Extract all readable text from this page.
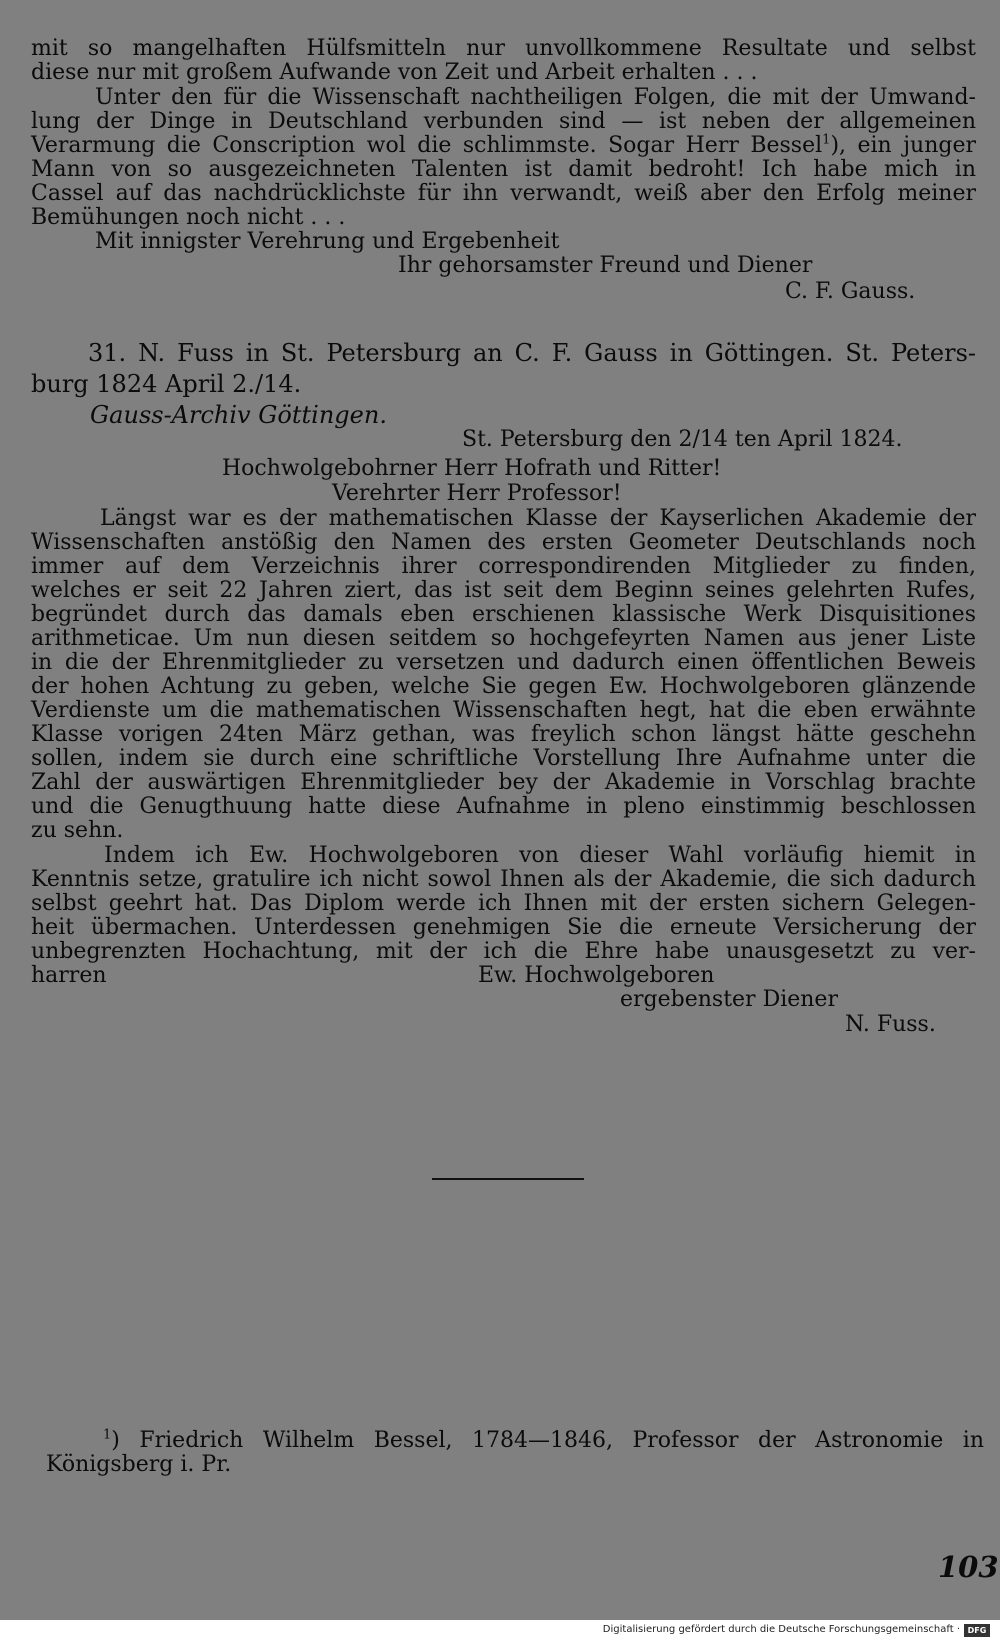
mit so mangelhaften Hülfsmitteln nur unvollkommene Resultate und selbst
diese nur mit großem Aufwande von Zeit und Arbeit erhalten . . .
Unter den für die Wissenschaft nachtheiligen Folgen, die mit der Umwand-
lung der Dinge in Deutschland verbunden sind — ist neben der allgemeinen
Verarmung die Conscription wol die schlimmste. Sogar Herr Bessel$^1$), ein junger
Mann von so ausgezeichneten Talenten ist damit bedroht! Ich habe mich in
Cassel auf das nachdrücklichste für ihn verwandt, weiß aber den Erfolg meiner
Bemühungen noch nicht . . .
Mit innigster Verehrung und Ergebenheit
Ihr gehorsamster Freund und Diener
C. F. Gauss.
31. N. Fuss in St. Petersburg an C. F. Gauss in Göttingen. St. Peters-
burg 1824 April 2./14.
Gauss-Archiv Göttingen.
St. Petersburg den 2/14 ten April 1824.
Hochwolgebohrner Herr Hofrath und Ritter!
Verehrter Herr Professor!
Längst war es der mathematischen Klasse der Kayserlichen Akademie der
Wissenschaften anstößig den Namen des ersten Geometer Deutschlands noch
immer auf dem Verzeichnis ihrer correspondirenden Mitglieder zu finden,
welches er seit 22 Jahren ziert, das ist seit dem Beginn seines gelehrten Rufes,
begründet durch das damals eben erschienen klassische Werk Disquisitiones
arithmeticae. Um nun diesen seitdem so hochgefeyrten Namen aus jener Liste
in die der Ehrenmitglieder zu versetzen und dadurch einen öffentlichen Beweis
der hohen Achtung zu geben, welche Sie gegen Ew. Hochwolgeboren glänzende
Verdienste um die mathematischen Wissenschaften hegt, hat die eben erwähnte
Klasse vorigen 24ten März gethan, was freylich schon längst hätte geschehn
sollen, indem sie durch eine schriftliche Vorstellung Ihre Aufnahme unter die
Zahl der auswärtigen Ehrenmitglieder bey der Akademie in Vorschlag brachte
und die Genugthuung hatte diese Aufnahme in pleno einstimmig beschlossen
zu sehn.
Indem ich Ew. Hochwolgeboren von dieser Wahl vorläufig hiemit in
Kenntnis setze, gratulire ich nicht sowol Ihnen als der Akademie, die sich dadurch
selbst geehrt hat. Das Diplom werde ich Ihnen mit der ersten sichern Gelegen-
heit übermachen. Unterdessen genehmigen Sie die erneute Versicherung der
unbegrenzten Hochachtung, mit der ich die Ehre habe unausgesetzt zu ver-
harren	Ew. Hochwolgeboren
ergebenster Diener
N. Fuss.
$^1$) Friedrich Wilhelm Bessel, 1784—1846, Professor der Astronomie in
Königsberg i. Pr.
103
Digitalisierung gefördert durch die Deutsche Forschungsgemeinschaft · DFG
